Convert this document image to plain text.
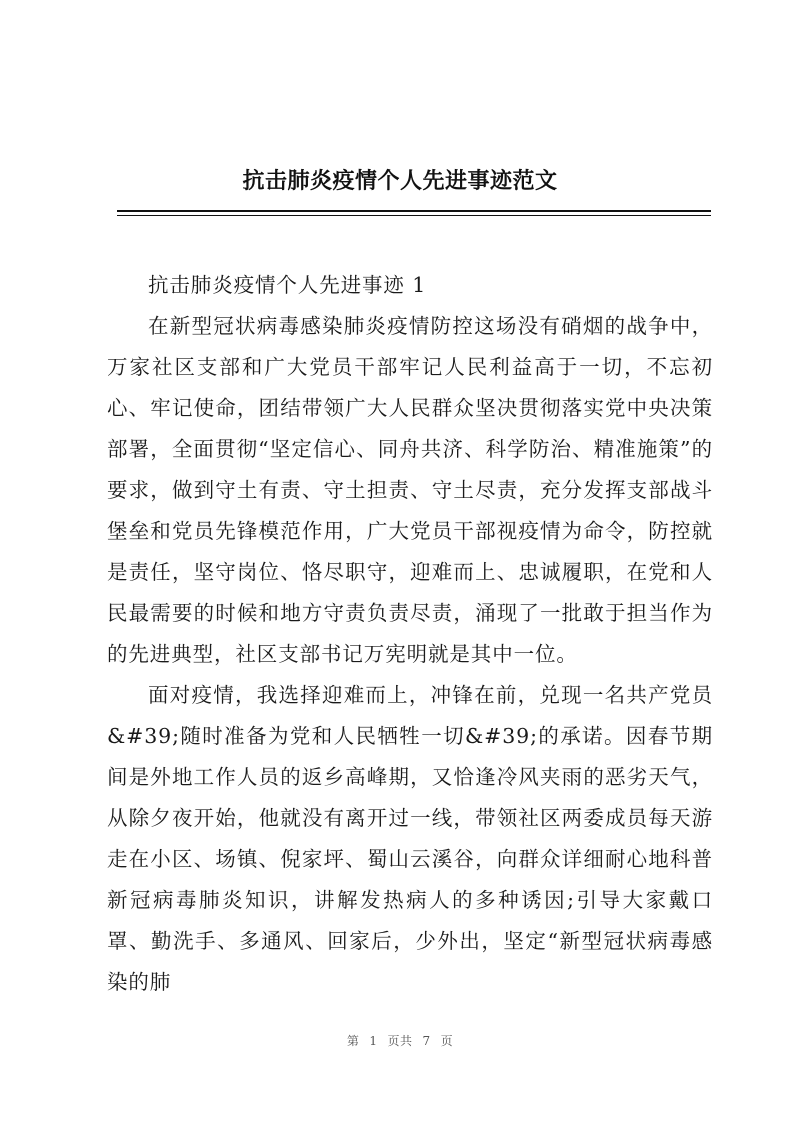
抗击肺炎疫情个人先进事迹范文

抗击肺炎疫情个人先进事迹 1

在新型冠状病毒感染肺炎疫情防控这场没有硝烟的战争中，万家社区支部和广大党员干部牢记人民利益高于一切，不忘初心、牢记使命，团结带领广大人民群众坚决贯彻落实党中央决策部署，全面贯彻“坚定信心、同舟共济、科学防治、精准施策”的要求，做到守土有责、守土担责、守土尽责，充分发挥支部战斗堡垒和党员先锋模范作用，广大党员干部视疫情为命令，防控就是责任，坚守岗位、恪尽职守，迎难而上、忠诚履职，在党和人民最需要的时候和地方守责负责尽责，涌现了一批敢于担当作为的先进典型，社区支部书记万宪明就是其中一位。

面对疫情，我选择迎难而上，冲锋在前，兑现一名共产党员&#39;随时准备为党和人民牺牲一切&#39;的承诺。因春节期间是外地工作人员的返乡高峰期，又恰逢冷风夹雨的恶劣天气，从除夕夜开始，他就没有离开过一线，带领社区两委成员每天游走在小区、场镇、倪家坪、蜀山云溪谷，向群众详细耐心地科普新冠病毒肺炎知识，讲解发热病人的多种诱因;引导大家戴口罩、勤洗手、多通风、回家后，少外出，坚定“新型冠状病毒感染的肺

第 1 页共 7 页
